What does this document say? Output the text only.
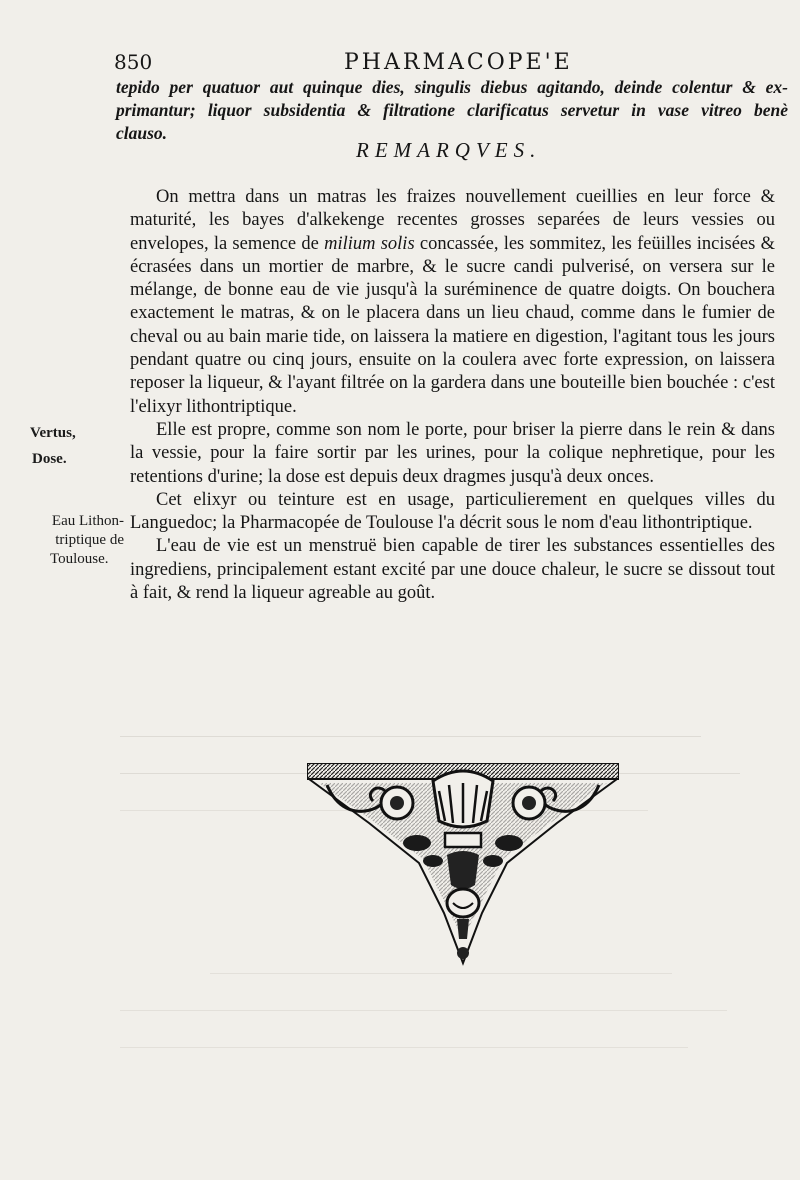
850	PHARMACOPE'E
tepido per quatuor aut quinque dies, singulis diebus agitando, deinde colentur & ex-
primantur; liquor subsidentia & filtratione clarificatus servetur in vase vitreo benè
clauso.
REMARQVES.

On mettra dans un matras les fraizes nouvellement cueillies en leur force & maturité, les bayes d'alkekenge recentes grosses separées de leurs vessies ou envelopes, la semence de milium solis concassée, les sommitez, les feüilles incisées & écrasées dans un mortier de marbre, & le sucre candi pulverisé, on versera sur le mélange, de bonne eau de vie jusqu'à la suréminence de quatre doigts. On bouchera exactement le matras, & on le placera dans un lieu chaud, comme dans le fumier de cheval ou au bain marie tide, on laissera la matiere en digestion, l'agitant tous les jours pendant quatre ou cinq jours, ensuite on la coulera avec forte expression, on laissera reposer la liqueur, & l'ayant filtrée on la gardera dans une bouteille bien bouchée : c'est l'elixyr lithontriptique.

Elle est propre, comme son nom le porte, pour briser la pierre dans le rein & dans la vessie, pour la faire sortir par les urines, pour la colique nephretique, pour les retentions d'urine; la dose est depuis deux dragmes jusqu'à deux onces.

Cet elixyr ou teinture est en usage, particulierement en quelques villes du Languedoc; la Pharmacopée de Toulouse l'a décrit sous le nom d'eau lithontriptique.

L'eau de vie est un menstruë bien capable de tirer les substances essentielles des ingrediens, principalement estant excité par une douce chaleur, le sucre se dissout tout à fait, & rend la liqueur agreable au goût.

Vertus,
Dose.
Eau Lithon-
triptique de
Toulouse.
